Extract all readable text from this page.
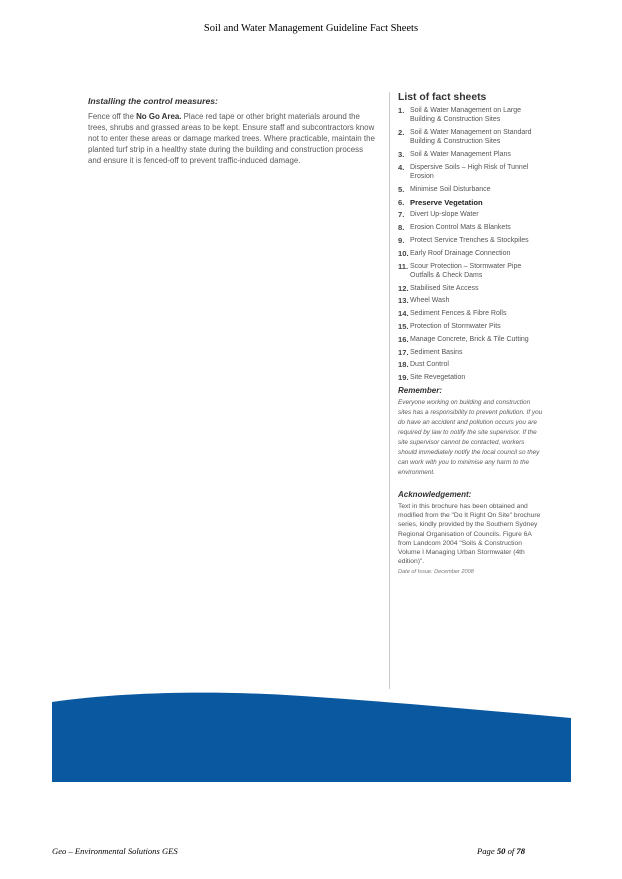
Soil and Water Management Guideline Fact Sheets

Installing the control measures:

Fence off the No Go Area. Place red tape or other bright materials around the trees, shrubs and grassed areas to be kept. Ensure staff and subcontractors know not to enter these areas or damage marked trees. Where practicable, maintain the planted turf strip in a healthy state during the building and construction process and ensure it is fenced-off to prevent traffic-induced damage.

List of fact sheets

1. Soil & Water Management on Large Building & Construction Sites
2. Soil & Water Management on Standard Building & Construction Sites
3. Soil & Water Management Plans
4. Dispersive Soils – High Risk of Tunnel Erosion
5. Minimise Soil Disturbance
6. Preserve Vegetation
7. Divert Up-slope Water
8. Erosion Control Mats & Blankets
9. Protect Service Trenches & Stockpiles
10. Early Roof Drainage Connection
11. Scour Protection – Stormwater Pipe Outfalls & Check Dams
12. Stabilised Site Access
13. Wheel Wash
14. Sediment Fences & Fibre Rolls
15. Protection of Stormwater Pits
16. Manage Concrete, Brick & Tile Cutting
17. Sediment Basins
18. Dust Control
19. Site Revegetation

Remember:

Everyone working on building and construction sites has a responsibility to prevent pollution. If you do have an accident and pollution occurs you are required by law to notify the site supervisor. If the site supervisor cannot be contacted, workers should immediately notify the local council so they can work with you to minimise any harm to the environment.

Acknowledgement:

Text in this brochure has been obtained and modified from the "Do It Right On Site" brochure series, kindly provided by the Southern Sydney Regional Organisation of Councils. Figure 6A from Landcom 2004 "Soils & Construction Volume I Managing Urban Stormwater (4th edition)".

Date of Issue: December 2008

Geo – Environmental Solutions GES	Page 50 of 78
